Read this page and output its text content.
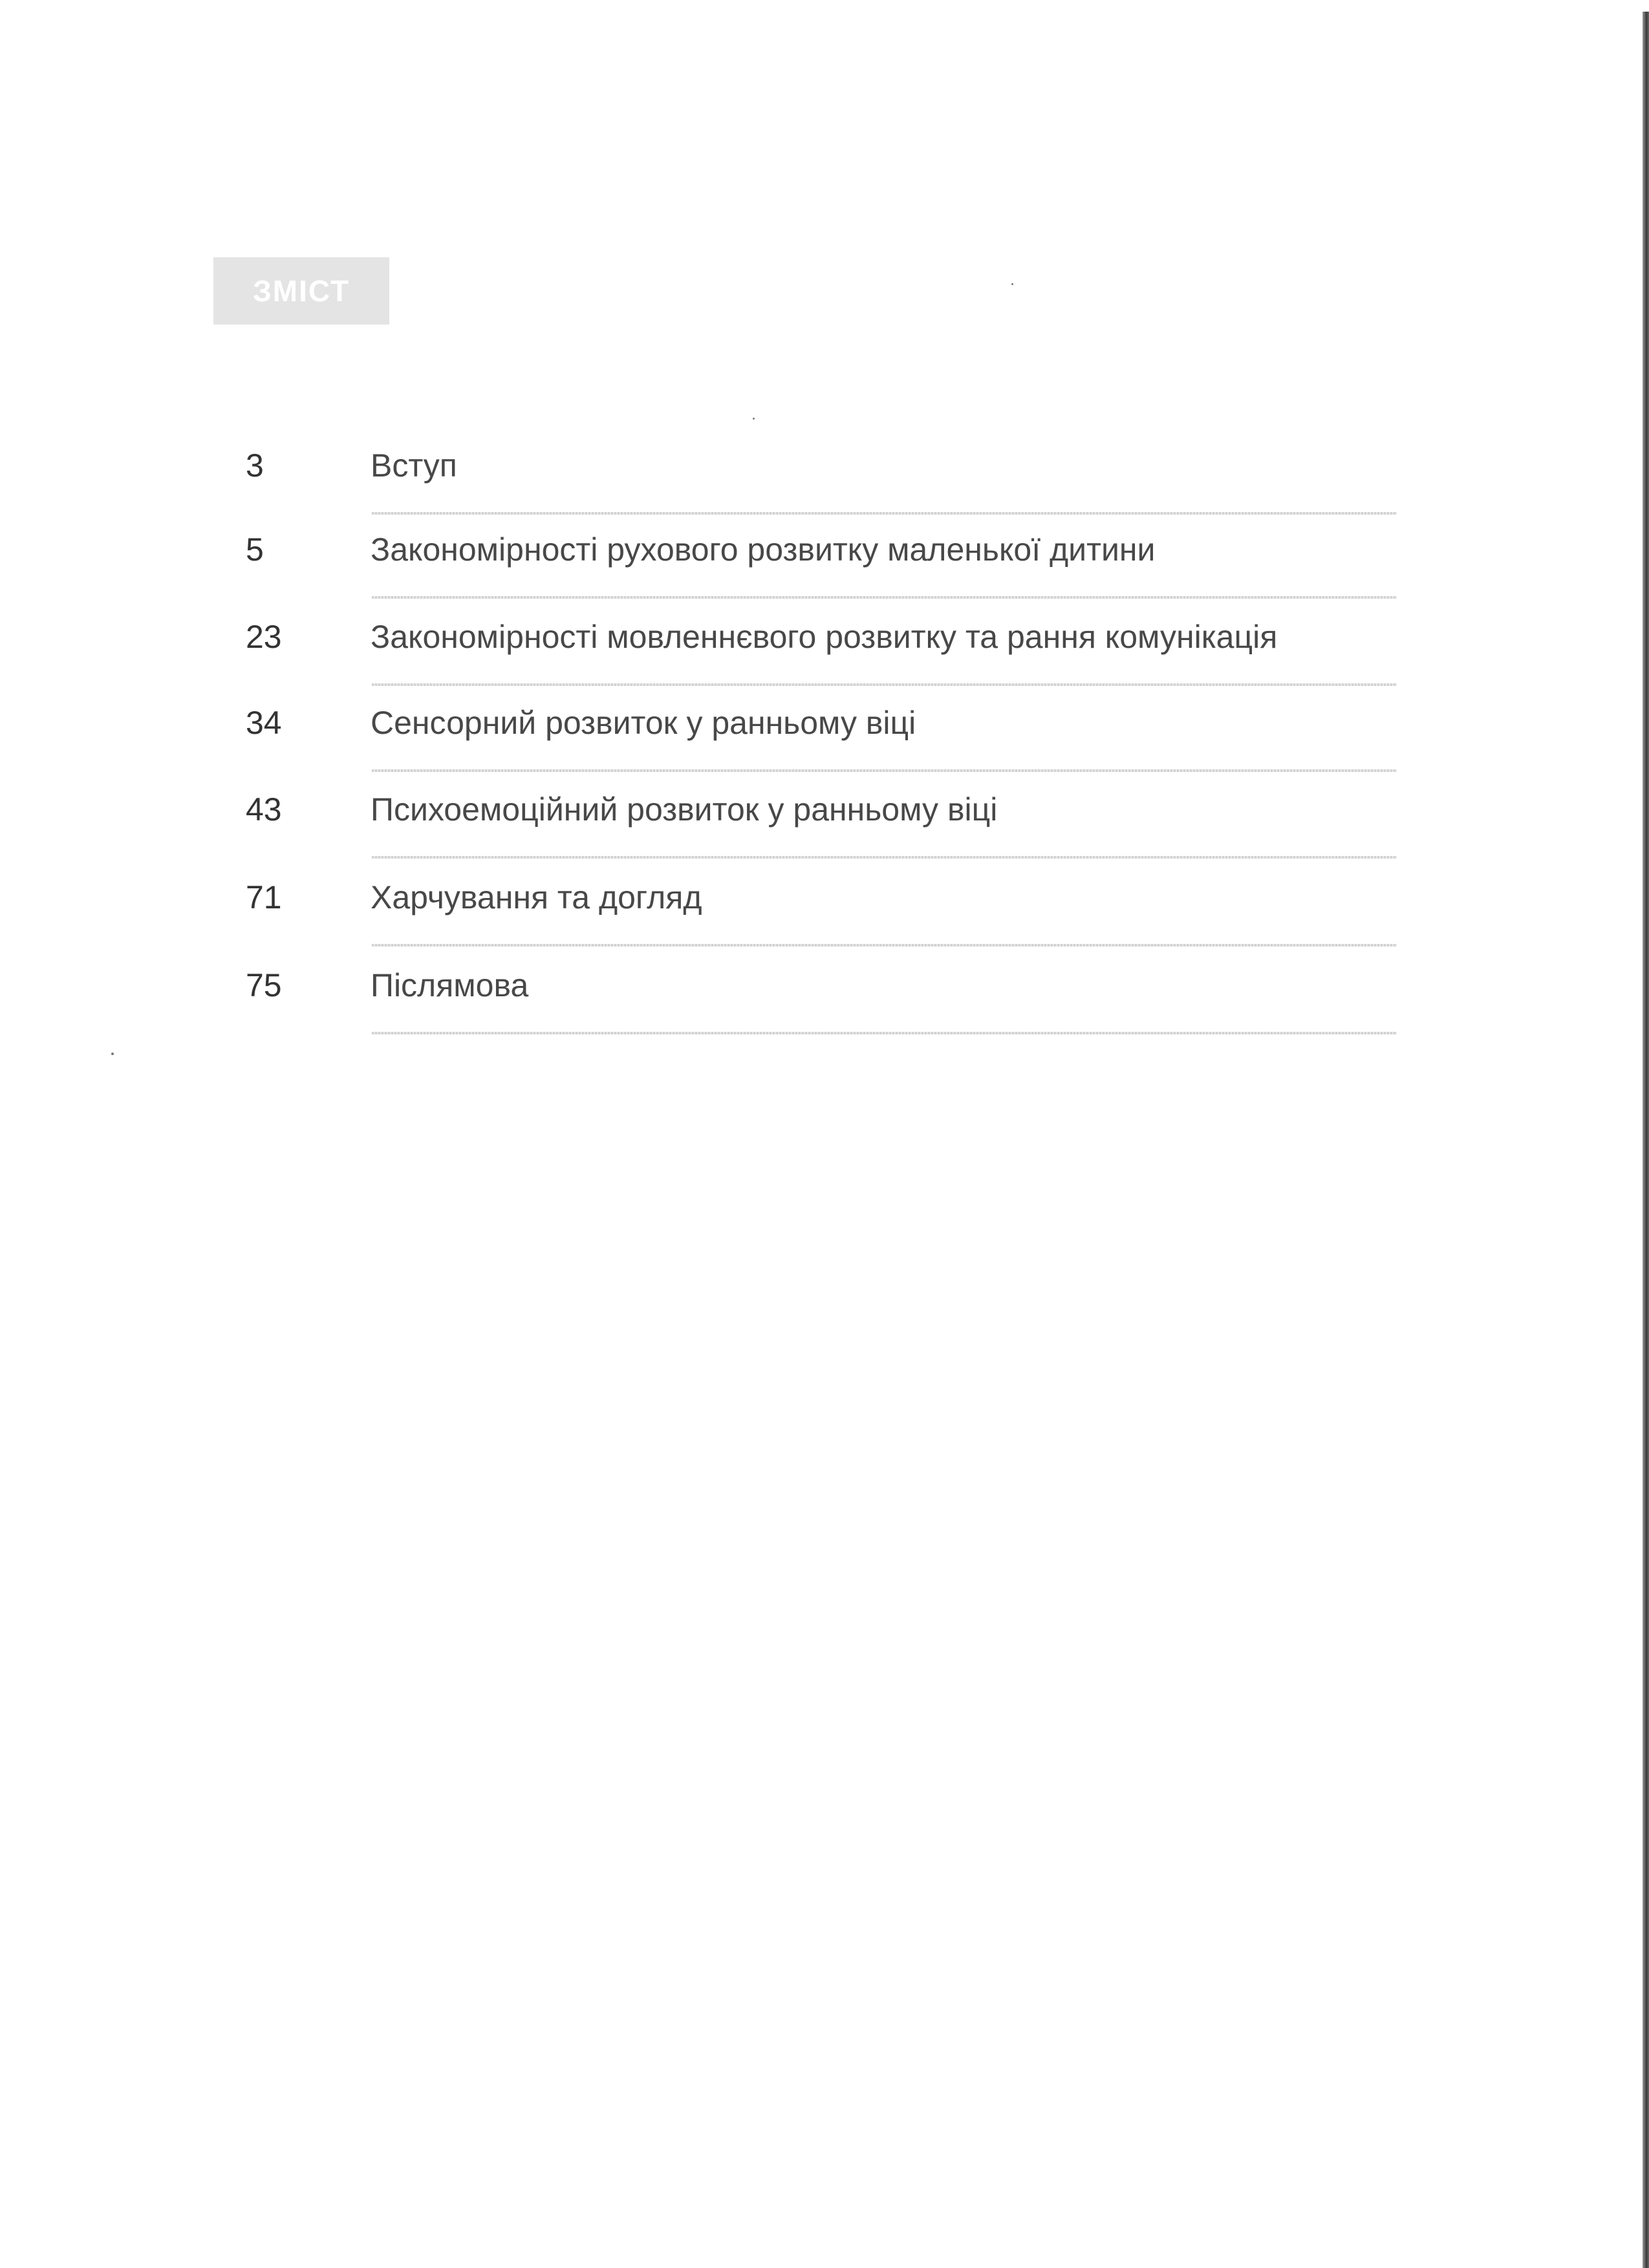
ЗМІСТ
3	Вступ
5	Закономірності рухового розвитку маленької дитини
23	Закономірності мовленнєвого розвитку та рання комунікація
34	Сенсорний розвиток у ранньому віці
43	Психоемоційний розвиток у ранньому віці
71	Харчування та догляд
75	Післямова
